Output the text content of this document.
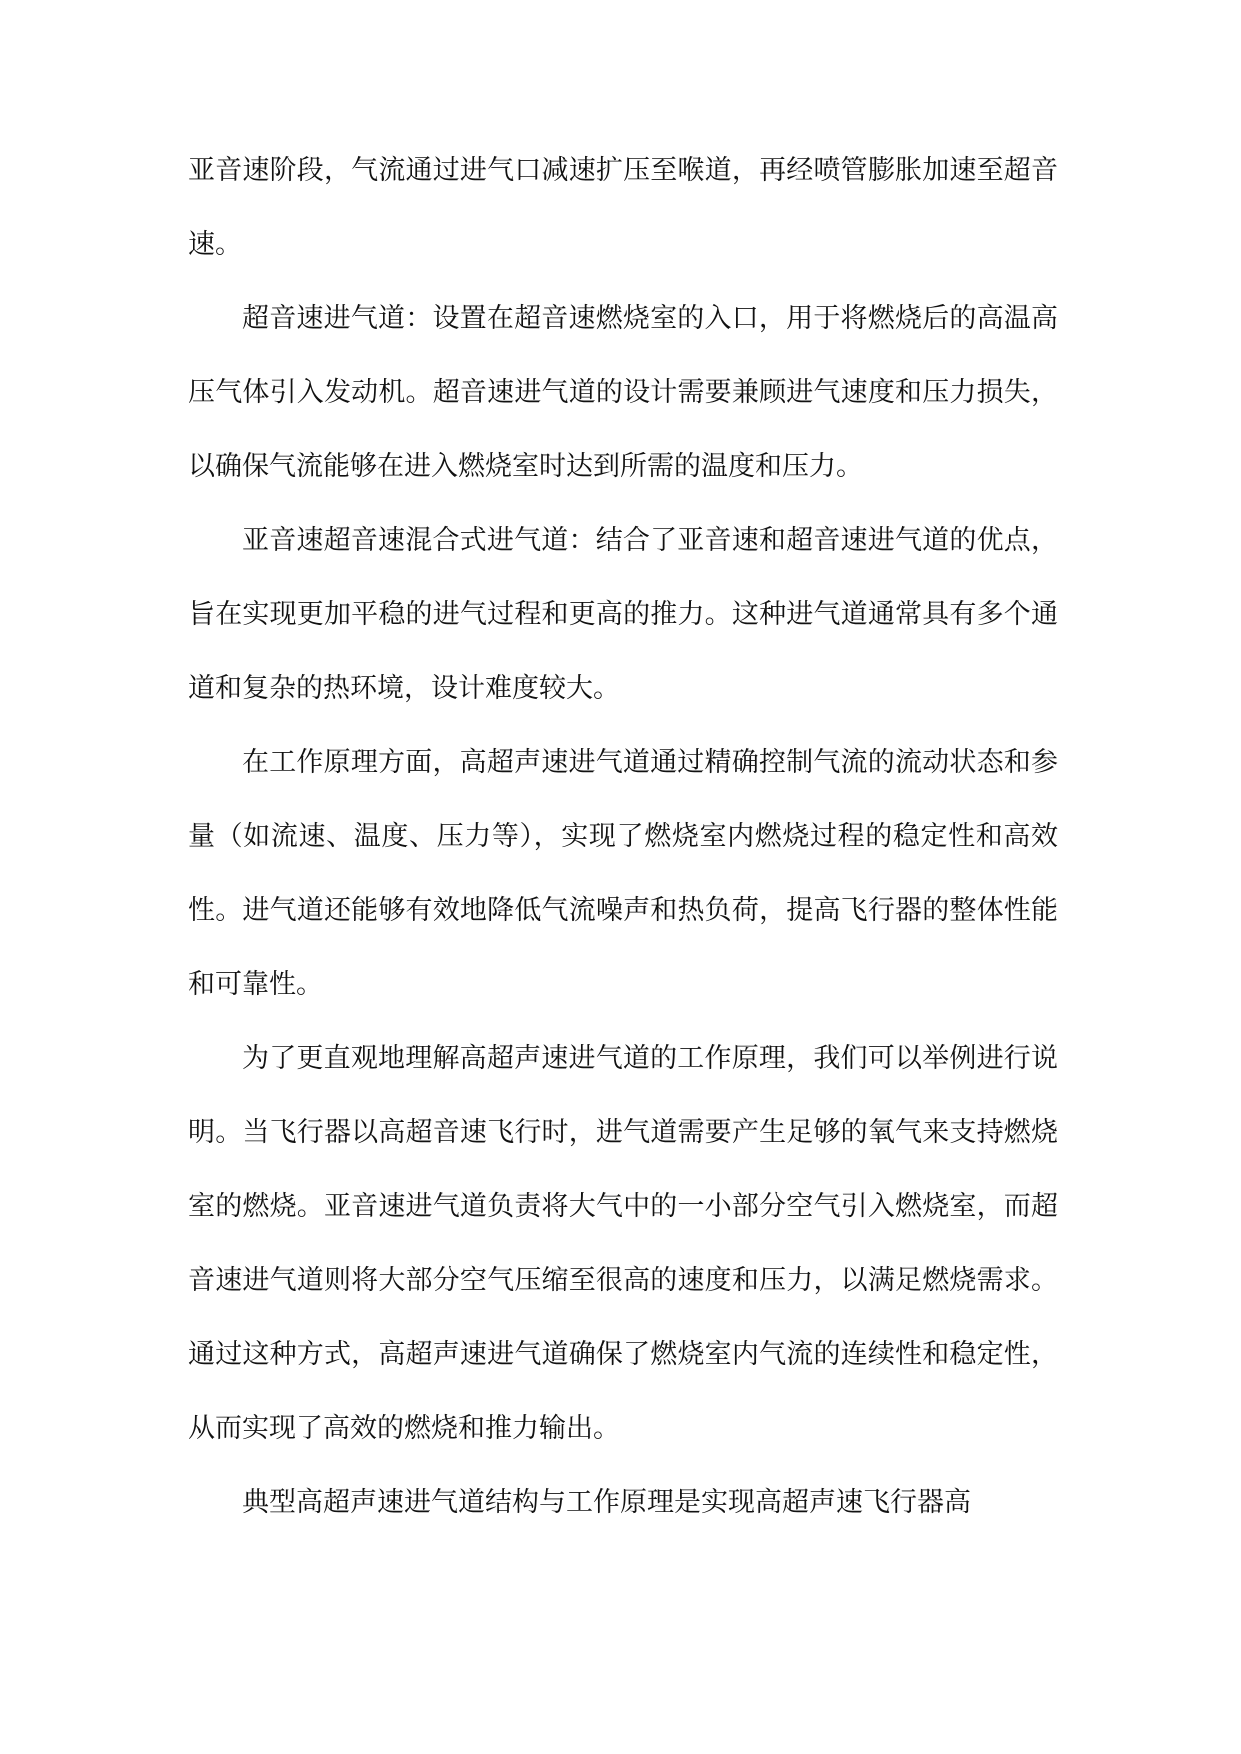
亚音速阶段，气流通过进气口减速扩压至喉道，再经喷管膨胀加速至超音速。

超音速进气道：设置在超音速燃烧室的入口，用于将燃烧后的高温高压气体引入发动机。超音速进气道的设计需要兼顾进气速度和压力损失，以确保气流能够在进入燃烧室时达到所需的温度和压力。

亚音速超音速混合式进气道：结合了亚音速和超音速进气道的优点，旨在实现更加平稳的进气过程和更高的推力。这种进气道通常具有多个通道和复杂的热环境，设计难度较大。

在工作原理方面，高超声速进气道通过精确控制气流的流动状态和参量（如流速、温度、压力等），实现了燃烧室内燃烧过程的稳定性和高效性。进气道还能够有效地降低气流噪声和热负荷，提高飞行器的整体性能和可靠性。

为了更直观地理解高超声速进气道的工作原理，我们可以举例进行说明。当飞行器以高超音速飞行时，进气道需要产生足够的氧气来支持燃烧室的燃烧。亚音速进气道负责将大气中的一小部分空气引入燃烧室，而超音速进气道则将大部分空气压缩至很高的速度和压力，以满足燃烧需求。通过这种方式，高超声速进气道确保了燃烧室内气流的连续性和稳定性，从而实现了高效的燃烧和推力输出。

典型高超声速进气道结构与工作原理是实现高超声速飞行器高
